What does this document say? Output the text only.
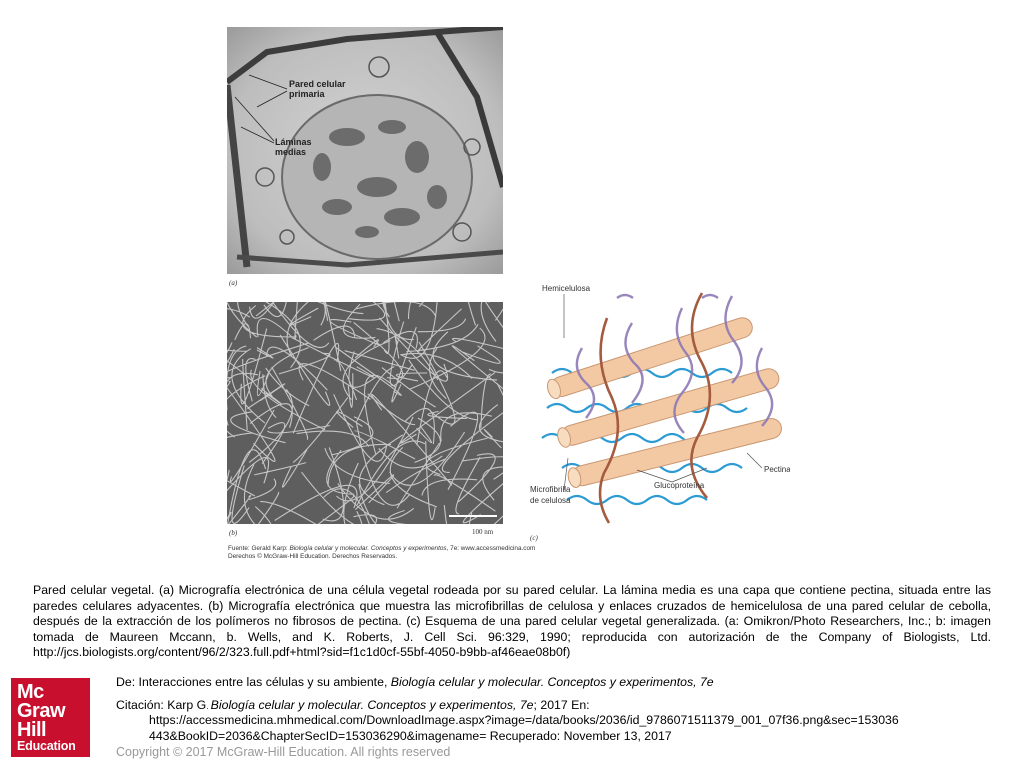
Pared celular primaria
Láminas medias
(a)
(b)	100 nm
Hemicelulosa
Microfibrilla de celulosa
Glucoproteína
Pectina
(c)
Fuente: Gerald Karp: Biología celular y molecular. Conceptos y experimentos, 7e: www.accessmedicina.com
Derechos © McGraw-Hill Education. Derechos Reservados.
Pared celular vegetal. (a) Micrografía electrónica de una célula vegetal rodeada por su pared celular. La lámina media es una capa que contiene pectina, situada entre las paredes celulares adyacentes. (b) Micrografía electrónica que muestra las microfibrillas de celulosa y enlaces cruzados de hemicelulosa de una pared celular de cebolla, después de la extracción de los polímeros no fibrosos de pectina. (c) Esquema de una pared celular vegetal generalizada. (a: Omikron/Photo Researchers, Inc.; b: imagen tomada de Maureen Mccann, b. Wells, and K. Roberts, J. Cell Sci. 96:329, 1990; reproducida con autorización de the Company of Biologists, Ltd. http://jcs.biologists.org/content/96/2/323.full.pdf+html?sid=f1c1d0cf-55bf-4050-b9bb-af46eae08b0f)
Mc
Graw
Hill
Education
De: Interacciones entre las células y su ambiente, Biología celular y molecular. Conceptos y experimentos, 7e
Citación: Karp G. Biología celular y molecular. Conceptos y experimentos, 7e; 2017 En:
https://accessmedicina.mhmedical.com/DownloadImage.aspx?image=/data/books/2036/id_9786071511379_001_07f36.png&sec=153036
443&BookID=2036&ChapterSecID=153036290&imagename= Recuperado: November 13, 2017
Copyright © 2017 McGraw-Hill Education. All rights reserved
